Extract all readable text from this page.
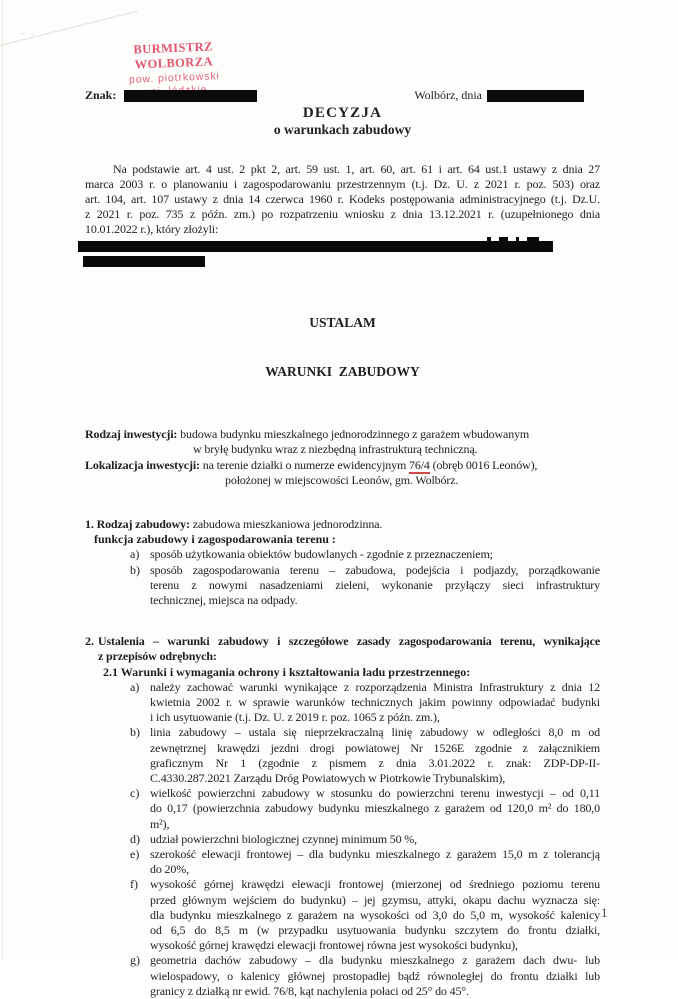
~ .
BURMISTRZ WOLBORZA
pow. piotrkowski
Znak:	Wolbórz, dnia
DECYZJA
o warunkach zabudowy
Na podstawie art. 4 ust. 2 pkt 2, art. 59 ust. 1, art. 60, art. 61 i art. 64 ust.1 ustawy z dnia 27
marca 2003 r. o planowaniu i zagospodarowaniu przestrzennym (t.j. Dz. U. z 2021 r. poz. 503) oraz
art. 104, art. 107 ustawy z dnia 14 czerwca 1960 r. Kodeks postępowania administracyjnego (t.j. Dz.U.
z 2021 r. poz. 735 z późn. zm.) po rozpatrzeniu wniosku z dnia 13.12.2021 r. (uzupełnionego dnia
10.01.2022 r.), który złożyli:

USTALAM

WARUNKI  ZABUDOWY

Rodzaj inwestycji: budowa budynku mieszkalnego jednorodzinnego z garażem wbudowanym
w bryłę budynku wraz z niezbędną infrastrukturą techniczną.
Lokalizacja inwestycji: na terenie działki o numerze ewidencyjnym 76/4 (obręb 0016 Leonów),
położonej w miejscowości Leonów, gm. Wolbórz.
1. Rodzaj zabudowy: zabudowa mieszkaniowa jednorodzinna.
funkcja zabudowy i zagospodarowania terenu :
a) sposób użytkowania obiektów budowlanych - zgodnie z przeznaczeniem;
b) sposób zagospodarowania terenu – zabudowa, podejścia i podjazdy, porządkowanie
terenu z nowymi nasadzeniami zieleni, wykonanie przyłączy sieci infrastruktury
technicznej, miejsca na odpady.
2. Ustalenia – warunki zabudowy i szczegółowe zasady zagospodarowania terenu, wynikające
z przepisów odrębnych:
2.1 Warunki i wymagania ochrony i kształtowania ładu przestrzennego:
a) należy zachować warunki wynikające z rozporządzenia Ministra Infrastruktury z dnia 12
kwietnia 2002 r. w sprawie warunków technicznych jakim powinny odpowiadać budynki
i ich usytuowanie (t.j. Dz. U. z 2019 r. poz. 1065 z późn. zm.),
b) linia zabudowy – ustala się nieprzekraczalną linię zabudowy w odległości 8,0 m od
zewnętrznej krawędzi jezdni drogi powiatowej Nr 1526E zgodnie z załącznikiem
graficznym Nr 1 (zgodnie z pismem z dnia 3.01.2022 r. znak: ZDP-DP-II-
C.4330.287.2021 Zarządu Dróg Powiatowych w Piotrkowie Trybunalskim),
c) wielkość powierzchni zabudowy w stosunku do powierzchni terenu inwestycji – od 0,11
do 0,17 (powierzchnia zabudowy budynku mieszkalnego z garażem od 120,0 m² do 180,0
m²),
d) udział powierzchni biologicznej czynnej minimum 50 %,
e) szerokość elewacji frontowej – dla budynku mieszkalnego z garażem 15,0 m z tolerancją
do 20%,
f)	wysokość górnej krawędzi elewacji frontowej (mierzonej od średniego poziomu terenu
przed głównym wejściem do budynku) – jej gzymsu, attyki, okapu dachu wyznacza się:
dla budynku mieszkalnego z garażem na wysokości od 3,0 do 5,0 m, wysokość kalenicy
od 6,5 do 8,5 m (w przypadku usytuowania budynku szczytem do frontu działki,
wysokość górnej krawędzi elewacji frontowej równa jest wysokości budynku),
g) geometria dachów zabudowy – dla budynku mieszkalnego z garażem dach dwu- lub
wielospadowy, o kalenicy głównej prostopadłej bądź równoległej do frontu działki lub
granicy z działką nr ewid. 76/8, kąt nachylenia połaci od 25° do 45°.
1
